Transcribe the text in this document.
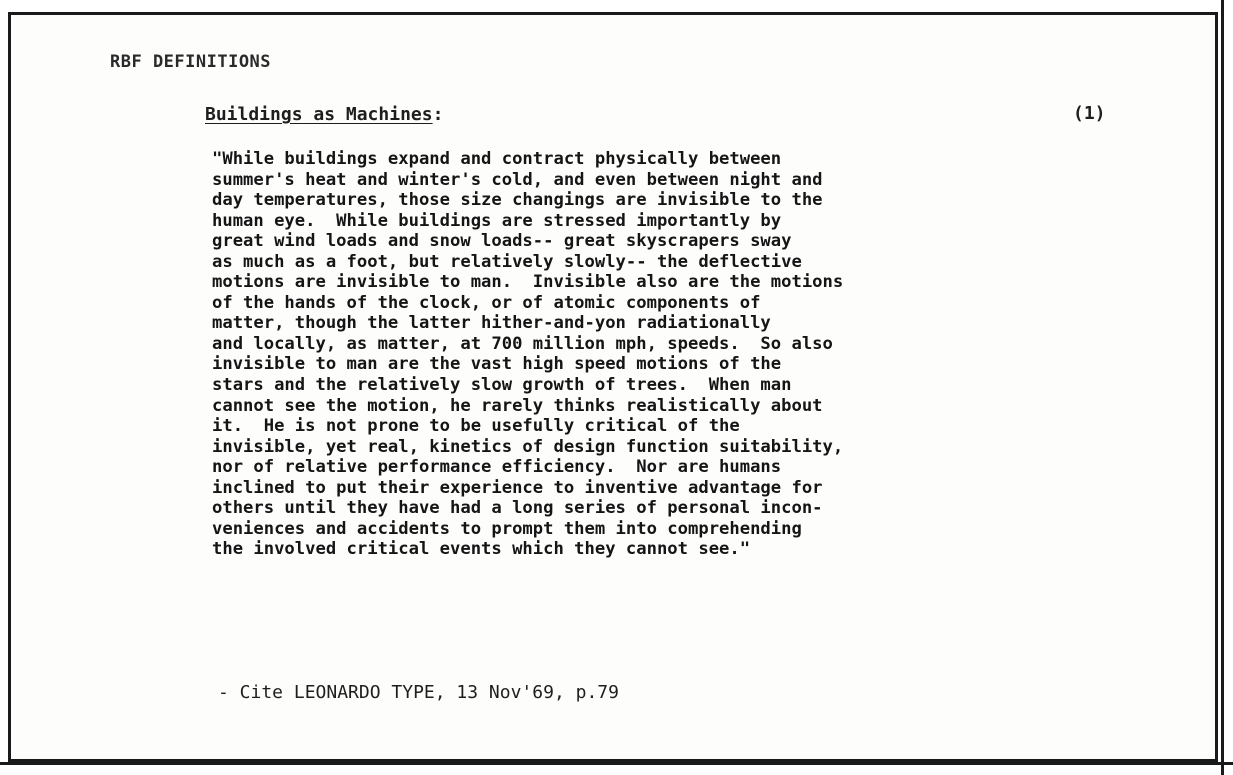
RBF DEFINITIONS
Buildings as Machines:	(1)
"While buildings expand and contract physically between
summer's heat and winter's cold, and even between night and
day temperatures, those size changings are invisible to the
human eye.  While buildings are stressed importantly by
great wind loads and snow loads-- great skyscrapers sway
as much as a foot, but relatively slowly-- the deflective
motions are invisible to man.  Invisible also are the motions
of the hands of the clock, or of atomic components of
matter, though the latter hither-and-yon radiationally
and locally, as matter, at 700 million mph, speeds.  So also
invisible to man are the vast high speed motions of the
stars and the relatively slow growth of trees.  When man
cannot see the motion, he rarely thinks realistically about
it.  He is not prone to be usefully critical of the
invisible, yet real, kinetics of design function suitability,
nor of relative performance efficiency.  Nor are humans
inclined to put their experience to inventive advantage for
others until they have had a long series of personal incon-
veniences and accidents to prompt them into comprehending
the involved critical events which they cannot see."
- Cite LEONARDO TYPE, 13 Nov'69, p.79
